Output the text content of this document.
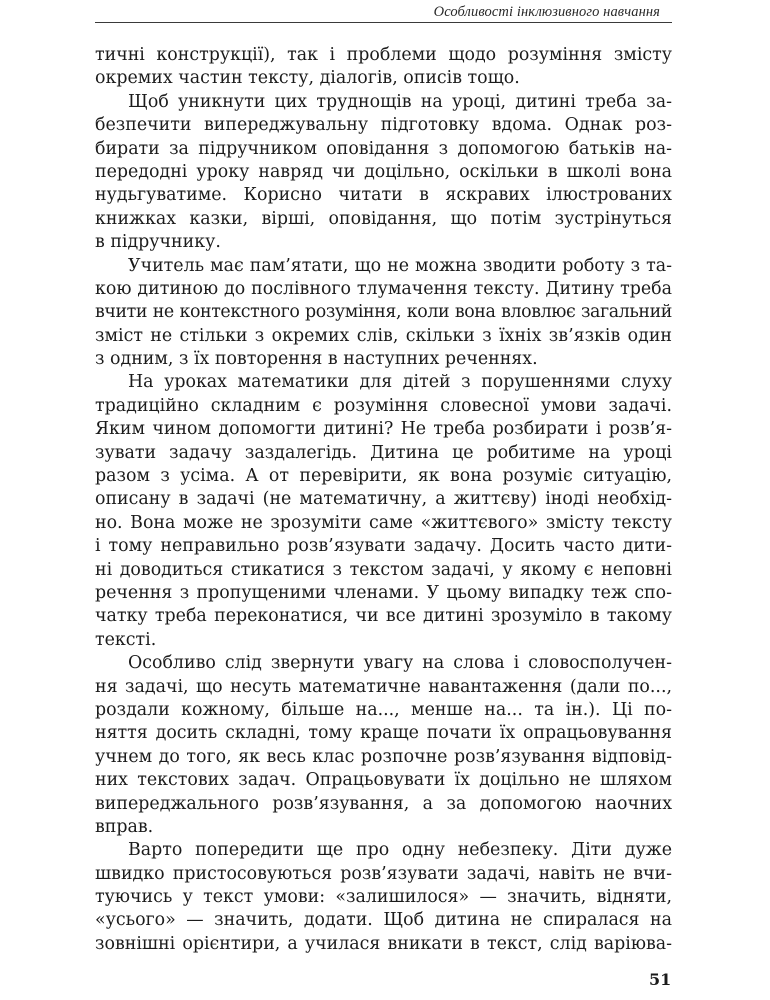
Особливості інклюзивного навчання
тичні конструкції), так і проблеми щодо розуміння змісту
окремих частин тексту, діалогів, описів тощо.
Щоб уникнути цих труднощів на уроці, дитині треба за-
безпечити випереджувальну підготовку вдома. Однак роз-
бирати за підручником оповідання з допомогою батьків на-
передодні уроку навряд чи доцільно, оскільки в школі вона
нудьгуватиме. Корисно читати в яскравих ілюстрованих
книжках казки, вірші, оповідання, що потім зустрінуться
в підручнику.
Учитель має пам’ятати, що не можна зводити роботу з та-
кою дитиною до послівного тлумачення тексту. Дитину треба
вчити не контекстного розуміння, коли вона вловлює загальний
зміст не стільки з окремих слів, скільки з їхніх зв’язків один
з одним, з їх повторення в наступних реченнях.
На уроках математики для дітей з порушеннями слуху
традиційно складним є розуміння словесної умови задачі.
Яким чином допомогти дитині? Не треба розбирати і розв’я-
зувати задачу заздалегідь. Дитина це робитиме на уроці
разом з усіма. А от перевірити, як вона розуміє ситуацію,
описану в задачі (не математичну, а життєву) іноді необхід-
но. Вона може не зрозуміти саме «життєвого» змісту тексту
і тому неправильно розв’язувати задачу. Досить часто дити-
ні доводиться стикатися з текстом задачі, у якому є неповні
речення з пропущеними членами. У цьому випадку теж спо-
чатку треба переконатися, чи все дитині зрозуміло в такому
тексті.
Особливо слід звернути увагу на слова і словосполучен-
ня задачі, що несуть математичне навантаження (дали по...,
роздали кожному, більше на..., менше на... та ін.). Ці по-
няття досить складні, тому краще почати їх опрацьовування
учнем до того, як весь клас розпочне розв’язування відповід-
них текстових задач. Опрацьовувати їх доцільно не шляхом
випереджального розв’язування, а за допомогою наочних
вправ.
Варто попередити ще про одну небезпеку. Діти дуже
швидко пристосовуються розв’язувати задачі, навіть не вчи-
туючись у текст умови: «залишилося» — значить, відняти,
«усього» — значить, додати. Щоб дитина не спиралася на
зовнішні орієнтири, а училася вникати в текст, слід варіюва-
51
